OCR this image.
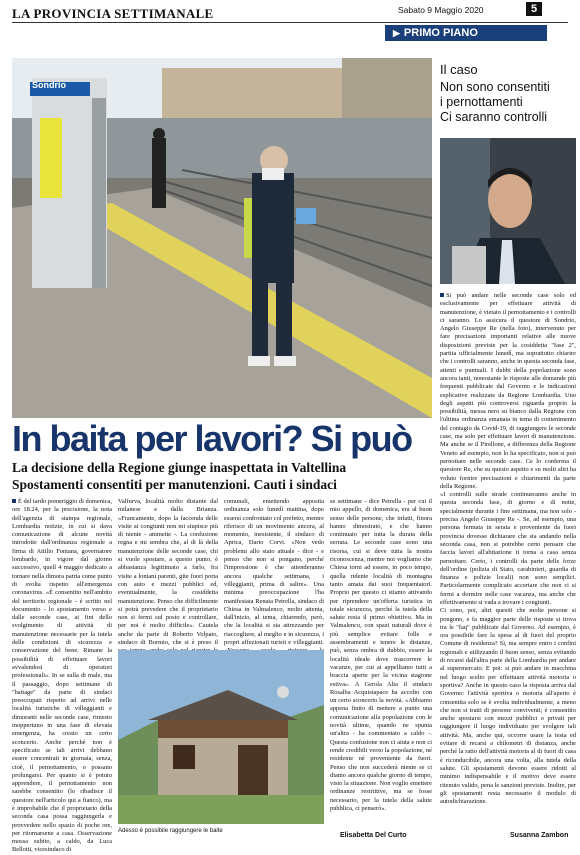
LA PROVINCIA SETTIMANALE	Sabato 9 Maggio 2020	5
▶ PRIMO PIANO
Sondrio
Il caso
Non sono consentiti
i pernottamenti
Ci saranno controlli
In baita per lavori? Si può
La decisione della Regione giunge inaspettata in Valtellina
Spostamenti consentiti per manutenzioni. Cauti i sindaci
È del tardo pomeriggio di domenica, ore 18.24, per la precisione, la nota dell'agenzia di stampa regionale, Lombardia notizie, in cui si dava comunicazione di alcune novità introdotte dall'ordinanza regionale a firma di Attilio Fontana, governatore lombardo, in vigore dal giorno successivo, quell 4 maggio dedicato a tornare nella dimora patria come punto di svolta rispetto all'emergenza coronavirus. «È consentito nell'ambito del territorio regionale - è scritto nel documento - lo spostamento verso e dalle seconde case, ai fini dello svolgimento di attività di manutenzione necessarie per la tutela delle condizioni di sicurezza e conservazione del bene. Rimane la possibilità di effettuare lavori avvalendosi di operatori professionali». In se sulla di male, ma il passaggio, dopo settimane di "battage" da parte di sindaci preoccupati rispetto ad arrivi nelle località turistiche di villeggianti e dimoranti nelle seconde case, rimesto inoppertuno in una fase di elevata emergenza, ha creato un certo sconcerto. Anche perché non è specificato se tali arrivi debbano essere concentrati in giornata, senza, cioè, il pernottamento, o possano prolungarsi. Per quanto si è potuto apprendere, il pernottamento non sarebbe consentito (lo ribadisce il questore nell'articolo qui a fianco), ma è improbabile che il proprietario della seconda casa possa raggiungerla e provvedere nello spazio di poche ore, per ritornarsene a casa. Osservazione mossa subito, a caldo, da Luca Bellotti, vicesindaco di
Valfurva, località molto distante dal milanese e dalla Brianza. «Francamente, dopo la faccenda delle visite ai congiunti non mi stupisce più di niente - ammette -. La confusione regna e mi sembra che, al di là della manutenzione delle seconde case, chi si vuole spostare, a questo punto, è abbastanza legittimato a farlo, fra visite a lontani parenti, gite fuori porta con auto e mezzi pubblici ed, eventualmente, la cosiddetta manutenzione. Penso che difficilmente si potrà prevedere che il proprietario non si fermi sul posto e controllare, per noi è molto difficile». Cautela anche da parte di Roberto Volpato, sindaco di Bormio, che si è preso il
comunali, emettendo apposita ordinanza solo lunedì mattina, dopo essersi confrontato col prefetto, mentre riferisce di un movimento ancora, al momento, inesistente, il sindaco di Aprica, Dario Corvi. «Non vedo problemi allo stato attuale - dice - e penso che non si pongano, perché l'impressione è che attenderanno ancora qualche settimana, i villeggianti, prima di salire». Una minima preoccupazione l'ha manifestata Renata Petrella, sindaco di Chiesa in Valmalenco, molto attenta, dall'inizio, al tema, chiarendo, però, che la località si sta attrezzando per riaccogliere, al meglio e in sicurezza, i propri affezionati turisti e villeggianti.
se settimane - dice Petrella - per cui il mio appello, di domenica, era al buon senso delle persone, che infatti, finora hanno dimostrato, e che hanno continuato per tutta la durata della serrata. Le seconde case sono una risorsa, cui si deve tutta la nostra riconoscenza, mentre noi vogliamo che Chiesa torni ad essere, in poco tempo, quella ridente località di montagna tanto amata dai suoi frequentatori. Proprio per questo ci stiamo attivando per riprendere un'offerta turistica in totale sicurezza, perché la tutela della salute resta il primo obiettivo. Ma in Valmalenco, con spazi naturali dove è più semplice evitare folle e assembramenti e tenere le distanze, può, senza ombra di dubbio, essere la località ideale dove trascorrere le vacanze, per cui ai appelliamo tutti a braccia aperte per la vicina stagione estiva». A Gerola Alta il sindaco Rosalba Acquistapace ha accolto con un certo sconcerto la novità. «Abbiamo appena finito di mettere a punto una comunicazione alla popolazione con le novità ultime, quando ne spunta un'altra - ha commentato a caldo -. Questa confusione non ci aiuta e non ci rende credibili verso la popolazione, né residente né proveniente da fuori. Penso che non succederà niente se ci diamo ancora qualche giorno di tempo, visto la situazione. Non voglio emettere ordinanze restrittive, ma se fosse necessario, per la tutela della salute pubblica, ci penserò».
Adesso è possibile raggiungere le baite
Elisabetta Del Curto

Si può andare nelle seconde case solo ed esclusivamente per effettuare attività di manutenzione, è vietato il pernottamento e i controlli ci saranno. Lo assicura il questore di Sondrio, Angelo Giuseppe Re (nella foto), intervenuto per fare precisazioni importanti relative alle nuove disposizioni previste per la cosiddetta "fase 2", partita ufficialmente lunedì, ma soprattutto chiarire che i controlli saranno, anche in questa seconda fase, attenti e puntuali. I dubbi della popolazione sono ancora tanti, nonostante le risposte alle domande più frequenti pubblicate dal Governo e le indicazioni esplicative realizzate da Regione Lombardia. Uno degli aspetti più controversi riguarda proprio la possibilità, messa nero su bianco dalla Regione con l'ultima ordinanza emanata in tema di contenimento del contagio da Covid-19, di raggiungere le seconde case, ma solo per effettuare lavori di manutenzione. Ma anche se il Pirellone, a differenza della Regione Veneto ad esempio, non lo ha specificato, non si può pernottare nelle seconde case. Ce lo conferma il questore Re, che su questo aspetto e su molti altri ha voluto fornire precisazioni e chiarimenti da parte della Regione.

«I controlli sulle strade continueranno anche in questa seconda fase, di giorno e di notte, specialmente durante i fine settimana, ma non solo - precisa Angelo Giuseppe Re -. Se, ad esempio, una persona fermata in serata e proveniente da fuori provincia dovesse dichiarare che sta andando nella seconda casa, non si potrebbe certo pensare che faccia lavori all'abitazione ti torna a casa senza pernottare. Certo, i controlli da parte delle forze dell'ordine (polizia di Stato, carabinieri, guardia di finanza e polizie locali) non sono semplici. Particolarmente complicato accertare che non ci si fermi a dormire nelle case vacanza, ma anche che effettivamente si vada a trovare i congiunti.

Ci sono, poi, altri quesiti che molte persone si pongono, e fa maggior parte delle risposte si trova tra le "faq" pubblicate dal Governo. Ad esempio, è ora possibile fare la spesa al di fuori del proprio Comune di residenza? Sì, ma sempre entro i confini regionali e utilizzando il buon senso, senza evitando di recarsi dall'altra parte della Lombardia per andare al supermercato. E poi: si può andare in macchina nel luogo scelto per effettuare attività motoria o sportiva? Anche in questo caso la risposta arriva dal Governo: l'attività sportiva o motoria all'aperto è consentita solo se è svolta individualmente, a meno che non si tratti di persone conviventi; è consentito anche spostarsi con mezzi pubblici o privati per raggiungere il luogo individuato per svolgere tali attività. Ma, anche qui, occorre usare la testa ed evitare di recarsi a chilometri di distanza, anche perché la ratio dell'attività motoria al di fuori di casa è riconducibile, ancora una volta, alla tutela della salute. Gli spostamenti devono essere ridotti al minimo indispensabile e il motivo deve essere ritenuto valido, pena le sanzioni previste. Inoltre, per gli spostamenti resta necessario il modulo di autodichiarazione.

Susanna Zambon
